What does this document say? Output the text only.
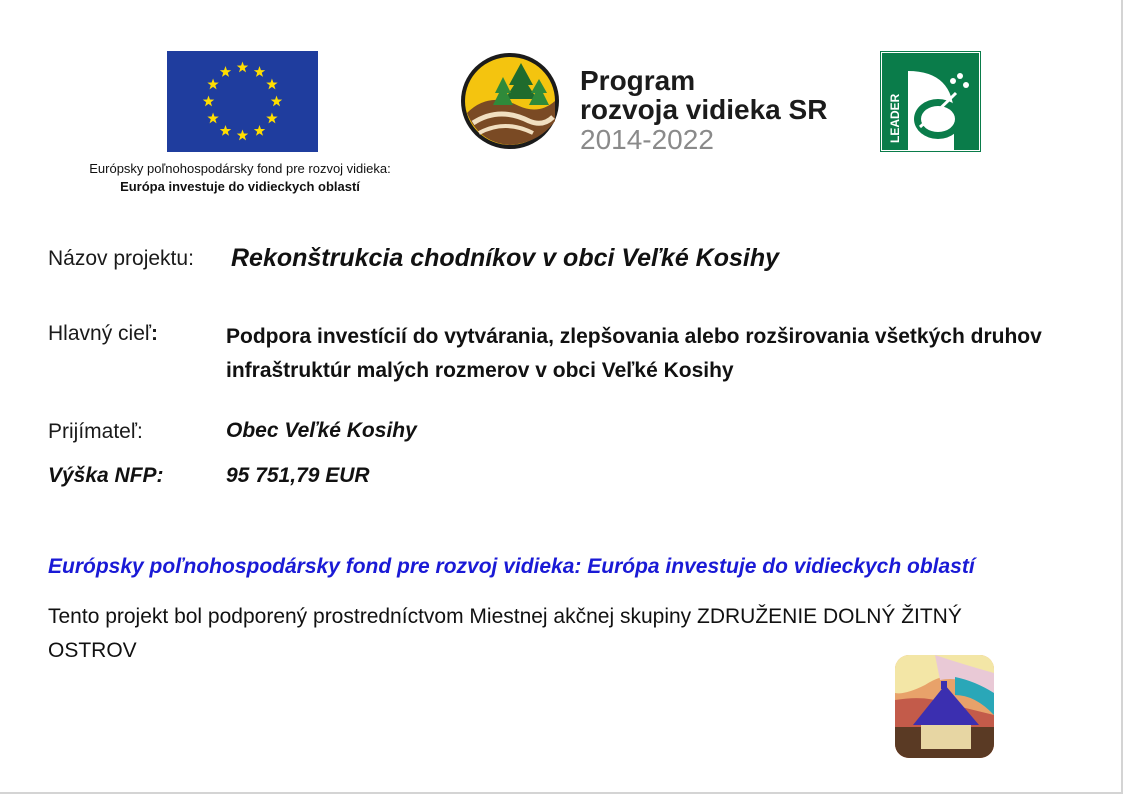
Európsky poľnohospodársky fond pre rozvoj vidieka:
Európa investuje do vidieckych oblastí
Program
rozvoja vidieka SR
2014-2022	LEADER
Názov projektu: Rekonštrukcia chodníkov v obci Veľké Kosihy
Hlavný cieľ:	Podpora investícií do vytvárania, zlepšovania alebo rozširovania všetkých druhov infraštruktúr malých rozmerov v obci Veľké Kosihy
Prijímateľ:	Obec Veľké Kosihy
Výška NFP:	95 751,79 EUR
Európsky poľnohospodársky fond pre rozvoj vidieka: Európa investuje do vidieckych oblastí
Tento projekt bol podporený prostredníctvom Miestnej akčnej skupiny ZDRUŽENIE DOLNÝ ŽITNÝ OSTROV
